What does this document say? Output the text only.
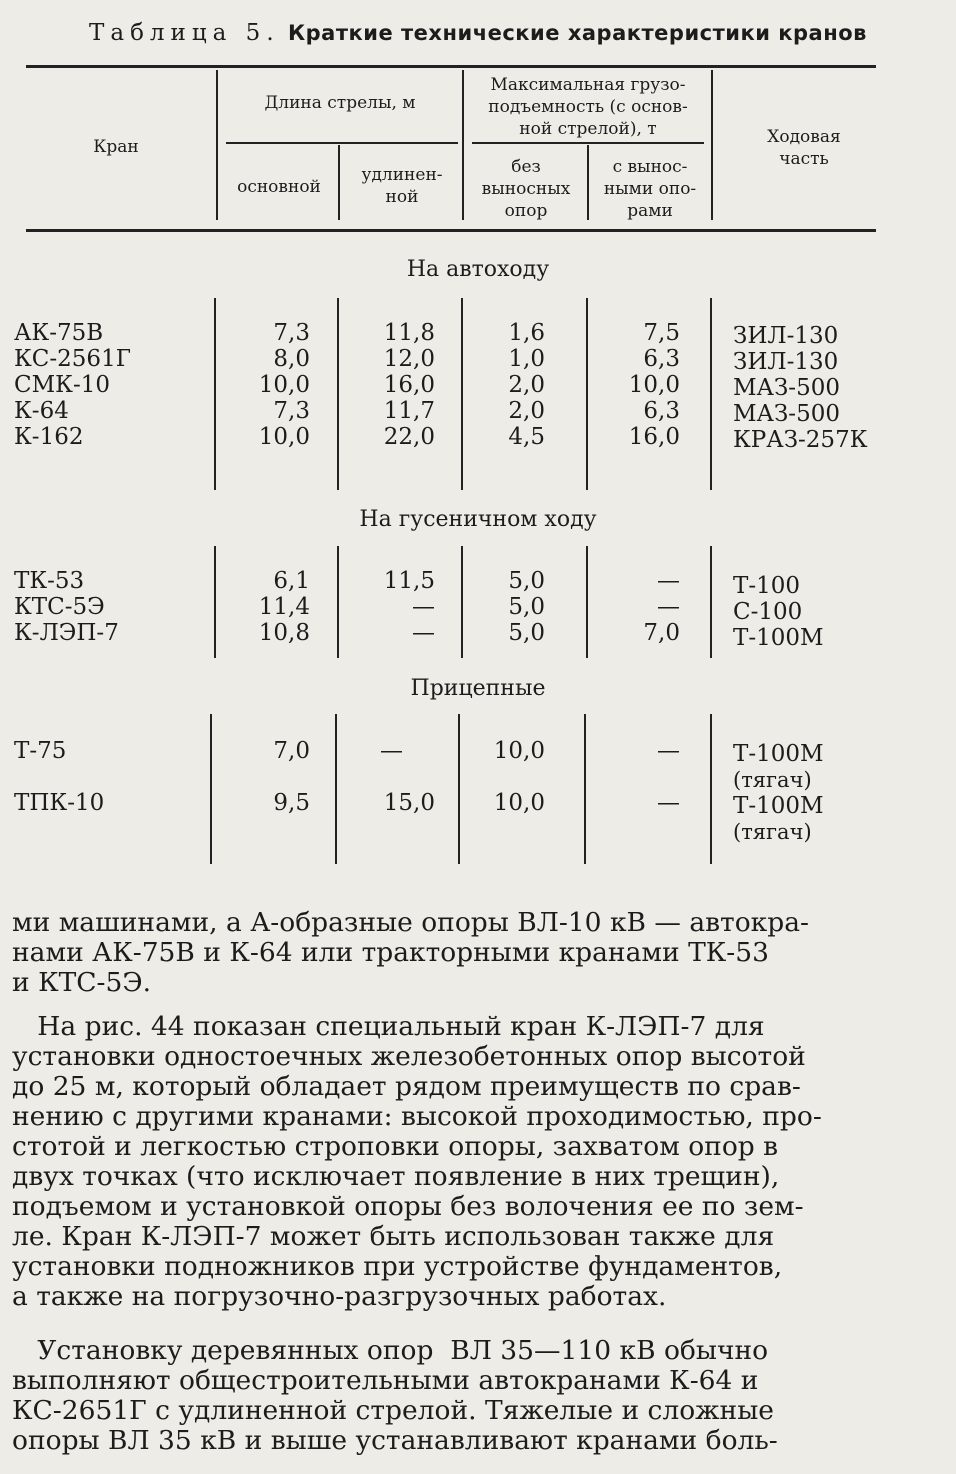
Таблица 5. Краткие технические характеристики кранов
Кран
Длина стрелы, м
основной
удлинен-
ной
Максимальная грузо-
подъемность (с основ-
ной стрелой), т
без
выносных
опор
с вынос-
ными опо-
рами
Ходовая
часть
На автоходу
АК-75В	7,3	11,8	1,6	7,5 ЗИЛ-130
КС-2561Г	8,0	12,0	1,0	6,3 ЗИЛ-130
СМК-10	10,0	16,0	2,0	10,0 МАЗ-500
К-64	7,3	11,7	2,0	6,3 МАЗ-500
К-162	10,0	22,0	4,5	16,0 КРАЗ-257К
На гусеничном ходу
ТК-53	6,1	11,5	5,0	— Т-100
КТС-5Э	11,4	—	5,0	— С-100
К-ЛЭП-7	10,8	—	5,0	7,0 Т-100М
Прицепные
Т-75	7,0	—	10,0	— Т-100М
(тягач)
ТПК-10	9,5	15,0	10,0	— Т-100М
(тягач)
ми машинами, а А-образные опоры ВЛ-10 кВ — автокра-
нами АК-75В и К-64 или тракторными кранами ТК-53
и КТС-5Э.
На рис. 44 показан специальный кран К-ЛЭП-7 для
установки одностоечных железобетонных опор высотой
до 25 м, который обладает рядом преимуществ по срав-
нению с другими кранами: высокой проходимостью, про-
стотой и легкостью строповки опоры, захватом опор в
двух точках (что исключает появление в них трещин),
подъемом и установкой опоры без волочения ее по зем-
ле. Кран К-ЛЭП-7 может быть использован также для
установки подножников при устройстве фундаментов,
а также на погрузочно-разгрузочных работах.
Установку деревянных опор  ВЛ 35—110 кВ обычно
выполняют общестроительными автокранами К-64 и
КС-2651Г с удлиненной стрелой. Тяжелые и сложные
опоры ВЛ 35 кВ и выше устанавливают кранами боль-
